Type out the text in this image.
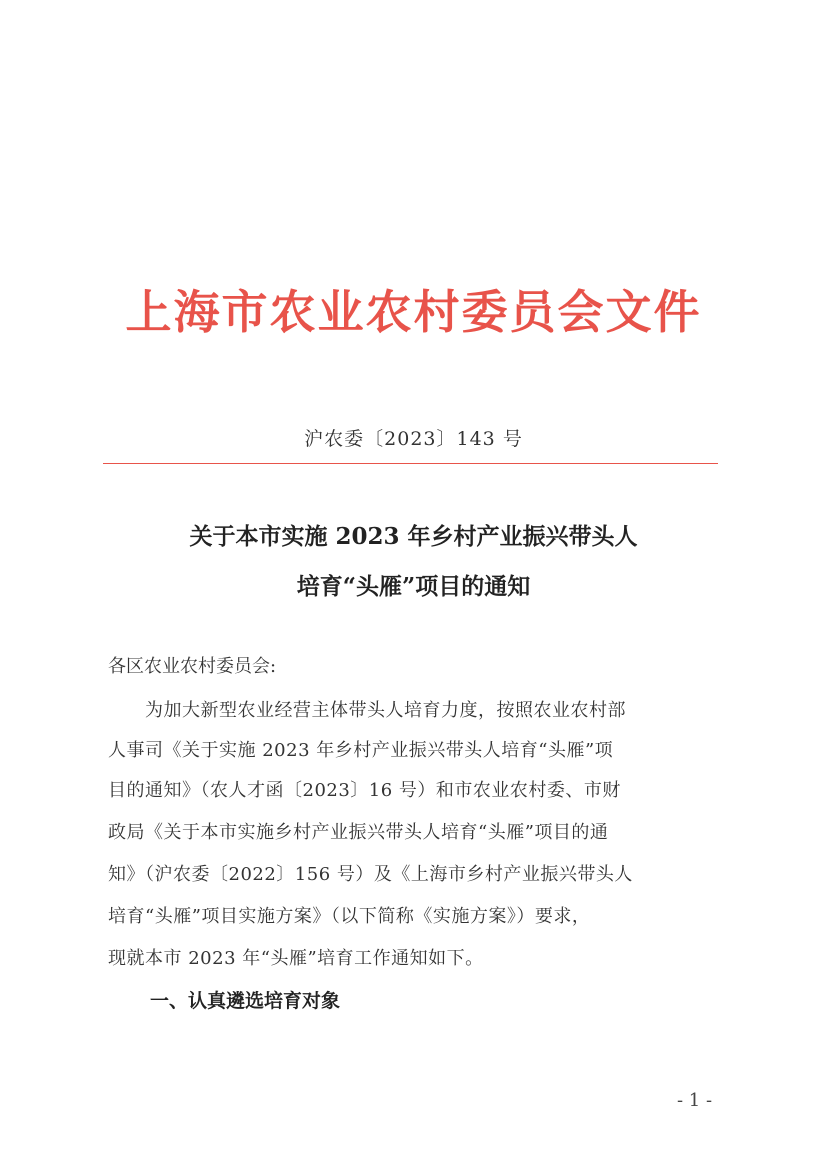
上海市农业农村委员会文件
沪农委〔2023〕143 号
关于本市实施 2023 年乡村产业振兴带头人
培育“头雁”项目的通知
各区农业农村委员会:
　　为加大新型农业经营主体带头人培育力度，按照农业农村部
人事司《关于实施 2023 年乡村产业振兴带头人培育“头雁”项
目的通知》（农人才函〔2023〕16 号）和市农业农村委、市财
政局《关于本市实施乡村产业振兴带头人培育“头雁”项目的通
知》（沪农委〔2022〕156 号）及《上海市乡村产业振兴带头人
培育“头雁”项目实施方案》（以下简称《实施方案》）要求，
现就本市 2023 年“头雁”培育工作通知如下。
一、认真遴选培育对象
- 1 -
